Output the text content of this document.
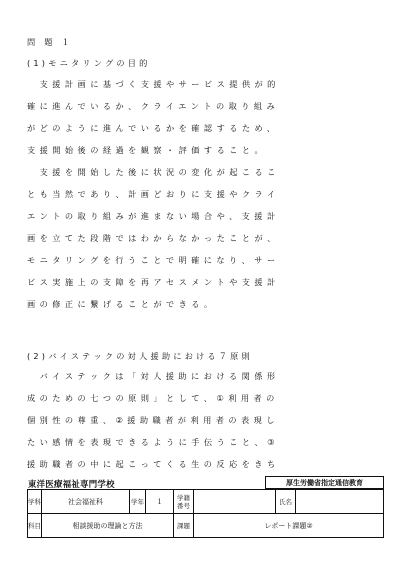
問 題 １
(1)モニタリングの目的
　支援計画に基づく支援やサービス提供が的
確に進んでいるか、クライエントの取り組み
がどのように進んでいるかを確認するため、
支援開始後の経過を観察・評価すること。
　支援を開始した後に状況の変化が起こるこ
とも当然であり、計画どおりに支援やクライ
エントの取り組みが進まない場合や、支援計
画を立てた段階ではわからなかったことが、
モニタリングを行うことで明確になり、サー
ビス実施上の支障を再アセスメントや支援計
画の修正に繋げることができる。
(2)バイステックの対人援助における７原則
　バイステックは「対人援助における関係形
成のための七つの原則」として、①利用者の
個別性の尊重、②援助職者が利用者の表現し
たい感情を表現できるように手伝うこと、③
援助職者の中に起こってくる生の反応をきち
東洋医療福祉専門学校	厚生労働省指定通信教育
学科	社会福祉科	学年	１	学籍番号		氏名	
科目	相談援助の理論と方法			課題	レポート課題②		
